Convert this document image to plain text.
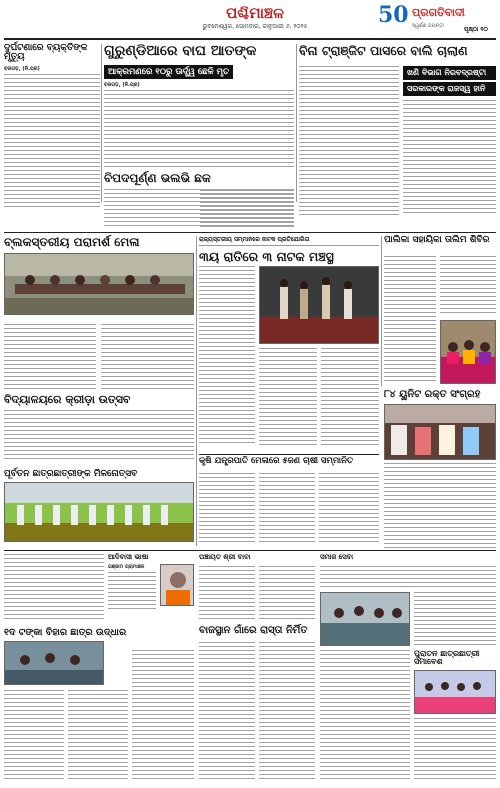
ପଶ୍ଚିମାଞ୍ଚଳ
ଭୁବନେଶ୍ୱର, ସୋମବାର, ଜାନୁଆରୀ ୬, ୨୦୨୫	50 ପ୍ରଗତିବାଦୀ
ସ୍ୱର୍ଣ୍ଣ ଜୟନ୍ତୀ	ପୃଷ୍ଠା ୧୦
ଦୁର୍ଘଟଣାରେ ବ୍ୟକ୍ତିଙ୍କ ମୃତ୍ୟୁ
ବରଗଡ଼, (ନି.ପ୍ର)
ଗୁରୁଣ୍ଡିଆରେ ବାଘ ଆତଙ୍କ
ଆକ୍ରମଣରେ ୧୦ରୁ ଊର୍ଦ୍ଧ୍ୱ ଛେଳି ମୃତ
ବରଗଡ଼, (ନି.ପ୍ର)
ବିନା ଟ୍ରାଞ୍ଜିଟ ପାସରେ ବାଲି ଚାଲାଣ
ଖଣି ବିଭାଗ ନିରବଦ୍ରଷ୍ଟା
ସରକାରଙ୍କ ରାଜସ୍ୱ ହାନି
ବିପଦପୂର୍ଣ୍ଣ ଭଲଭି ଛକ
ବ୍ଲକସ୍ତରୀୟ ପରାମର୍ଶ ମେଳା	ରାଜ୍ୟସ୍ତରୀୟ ସମ୍ମାନରେ ନାଟକ ପ୍ରତିଯୋଗିତା
୩ୟ ରାତିରେ ୩ ନାଟକ ମଞ୍ଚସ୍ଥ
ପାଲିକା ସହାୟିକା ତାଲିମ ଶିବିର
ବିଦ୍ୟାଳୟରେ କ୍ରୀଡ଼ା ଉତ୍ସବ
ପୂର୍ବତନ ଛାତ୍ରଛାତ୍ରୀଙ୍କ ମିଳନୋତ୍ସବ
କୃଷି ଯନ୍ତ୍ରପାତି ମେଳାରେ ୫ଜଣ ଚାଷୀ ସମ୍ମାନିତ
୮୪ ୟୁନିଟ ରକ୍ତ ସଂଗ୍ରହ
ଆଦିବାସୀ ଭାଷା
ଗଞ୍ଜାମ ଗ୍ରାମାଞ୍ଚଳ
୧ଦ ଟଙ୍କା ବିହାର ଛାତ୍ର ଉଦ୍ଧାର
ପଞ୍ଚାୟତ ଶ୍ରୀ ବାବା
ବାଜସ୍ଥାନ ଗାଁରେ ରାସ୍ତା ନିର୍ମିତ
ସମାଜ ସେବା
ପୁରାତନ ଛାତ୍ରଛାତ୍ରୀ ସମାବେଶ
